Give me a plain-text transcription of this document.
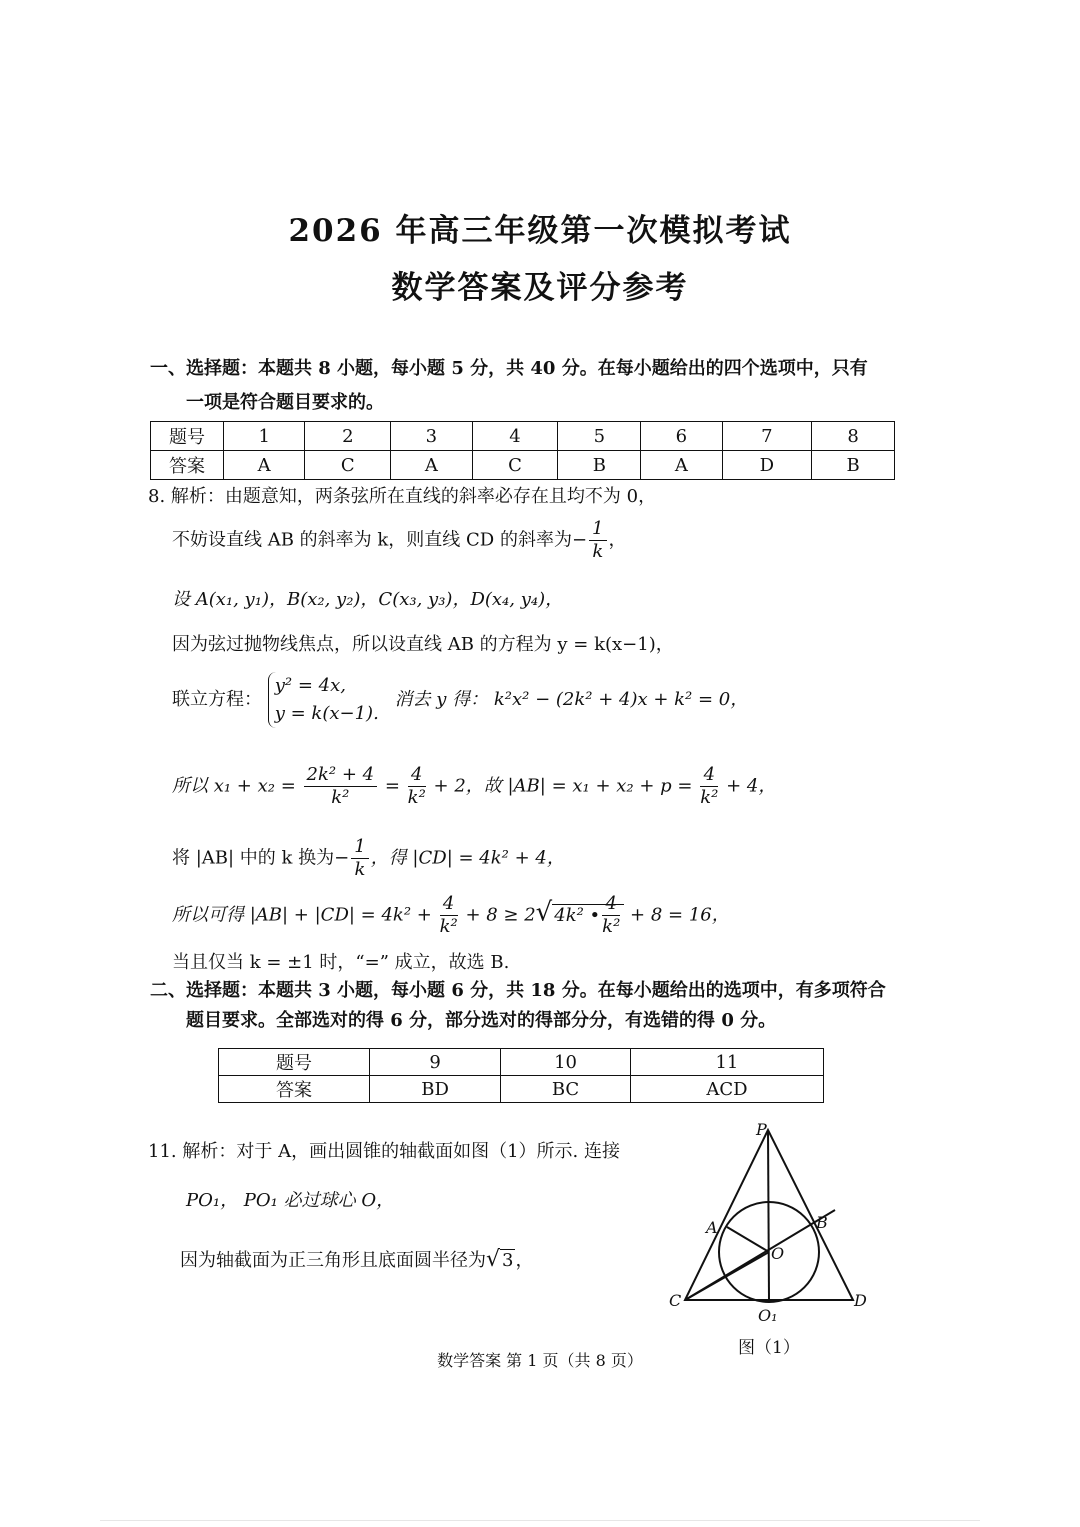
2026 年高三年级第一次模拟考试
数学答案及评分参考
一、选择题：本题共 8 小题，每小题 5 分，共 40 分。在每小题给出的四个选项中，只有
一项是符合题目要求的。
题号	1	2	3	4	5	6	7	8
答案	A	C	A	C	B	A	D	B
8. 解析：由题意知，两条弦所在直线的斜率必存在且均不为 0，
不妨设直线 AB 的斜率为 k，则直线 CD 的斜率为− $\frac{1}{k}$ ，
设 A(x₁, y₁)，B(x₂, y₂)，C(x₃, y₃)，D(x₄, y₄)，
因为弦过抛物线焦点，所以设直线 AB 的方程为 y = k(x−1)，
联立方程：
y² = 4x,
y = k(x−1).
消去 y 得： k²x² − (2k² + 4)x + k² = 0，
所以 $x_1 + x_2 = \frac{\text{2k² + 4}}{\text{k²}} = \frac{4}{\text{k²}} + 2$，故 $|AB| = x_1 + x_2 + p = \frac{4}{\text{k²}} + 4$，
将 |AB| 中的 k 换为− $\frac{1}{k}$ ，得 |CD| = 4k² + 4，
所以可得 $|AB| + |CD| = 4k^2 + \frac{4}{\text{k²}} + 8 \ge 2√$ 4k² • $\frac{4}{\text{k²}} + 8 = 16$，
当且仅当 k = ±1 时，“=” 成立，故选 B.
二、选择题：本题共 3 小题，每小题 6 分，共 18 分。在每小题给出的选项中，有多项符合
题目要求。全部选对的得 6 分，部分选对的得部分分，有选错的得 0 分。
题号	9	10	11
答案	BD	BC	ACD
11. 解析：对于 A，画出圆锥的轴截面如图（1）所示. 连接
PO₁， PO₁ 必过球心 O，
因为轴截面为正三角形且底面圆半径为√ 3 ，
P
A	B
O
C	D
O₁
图（1）
数学答案 第 1 页（共 8 页）
